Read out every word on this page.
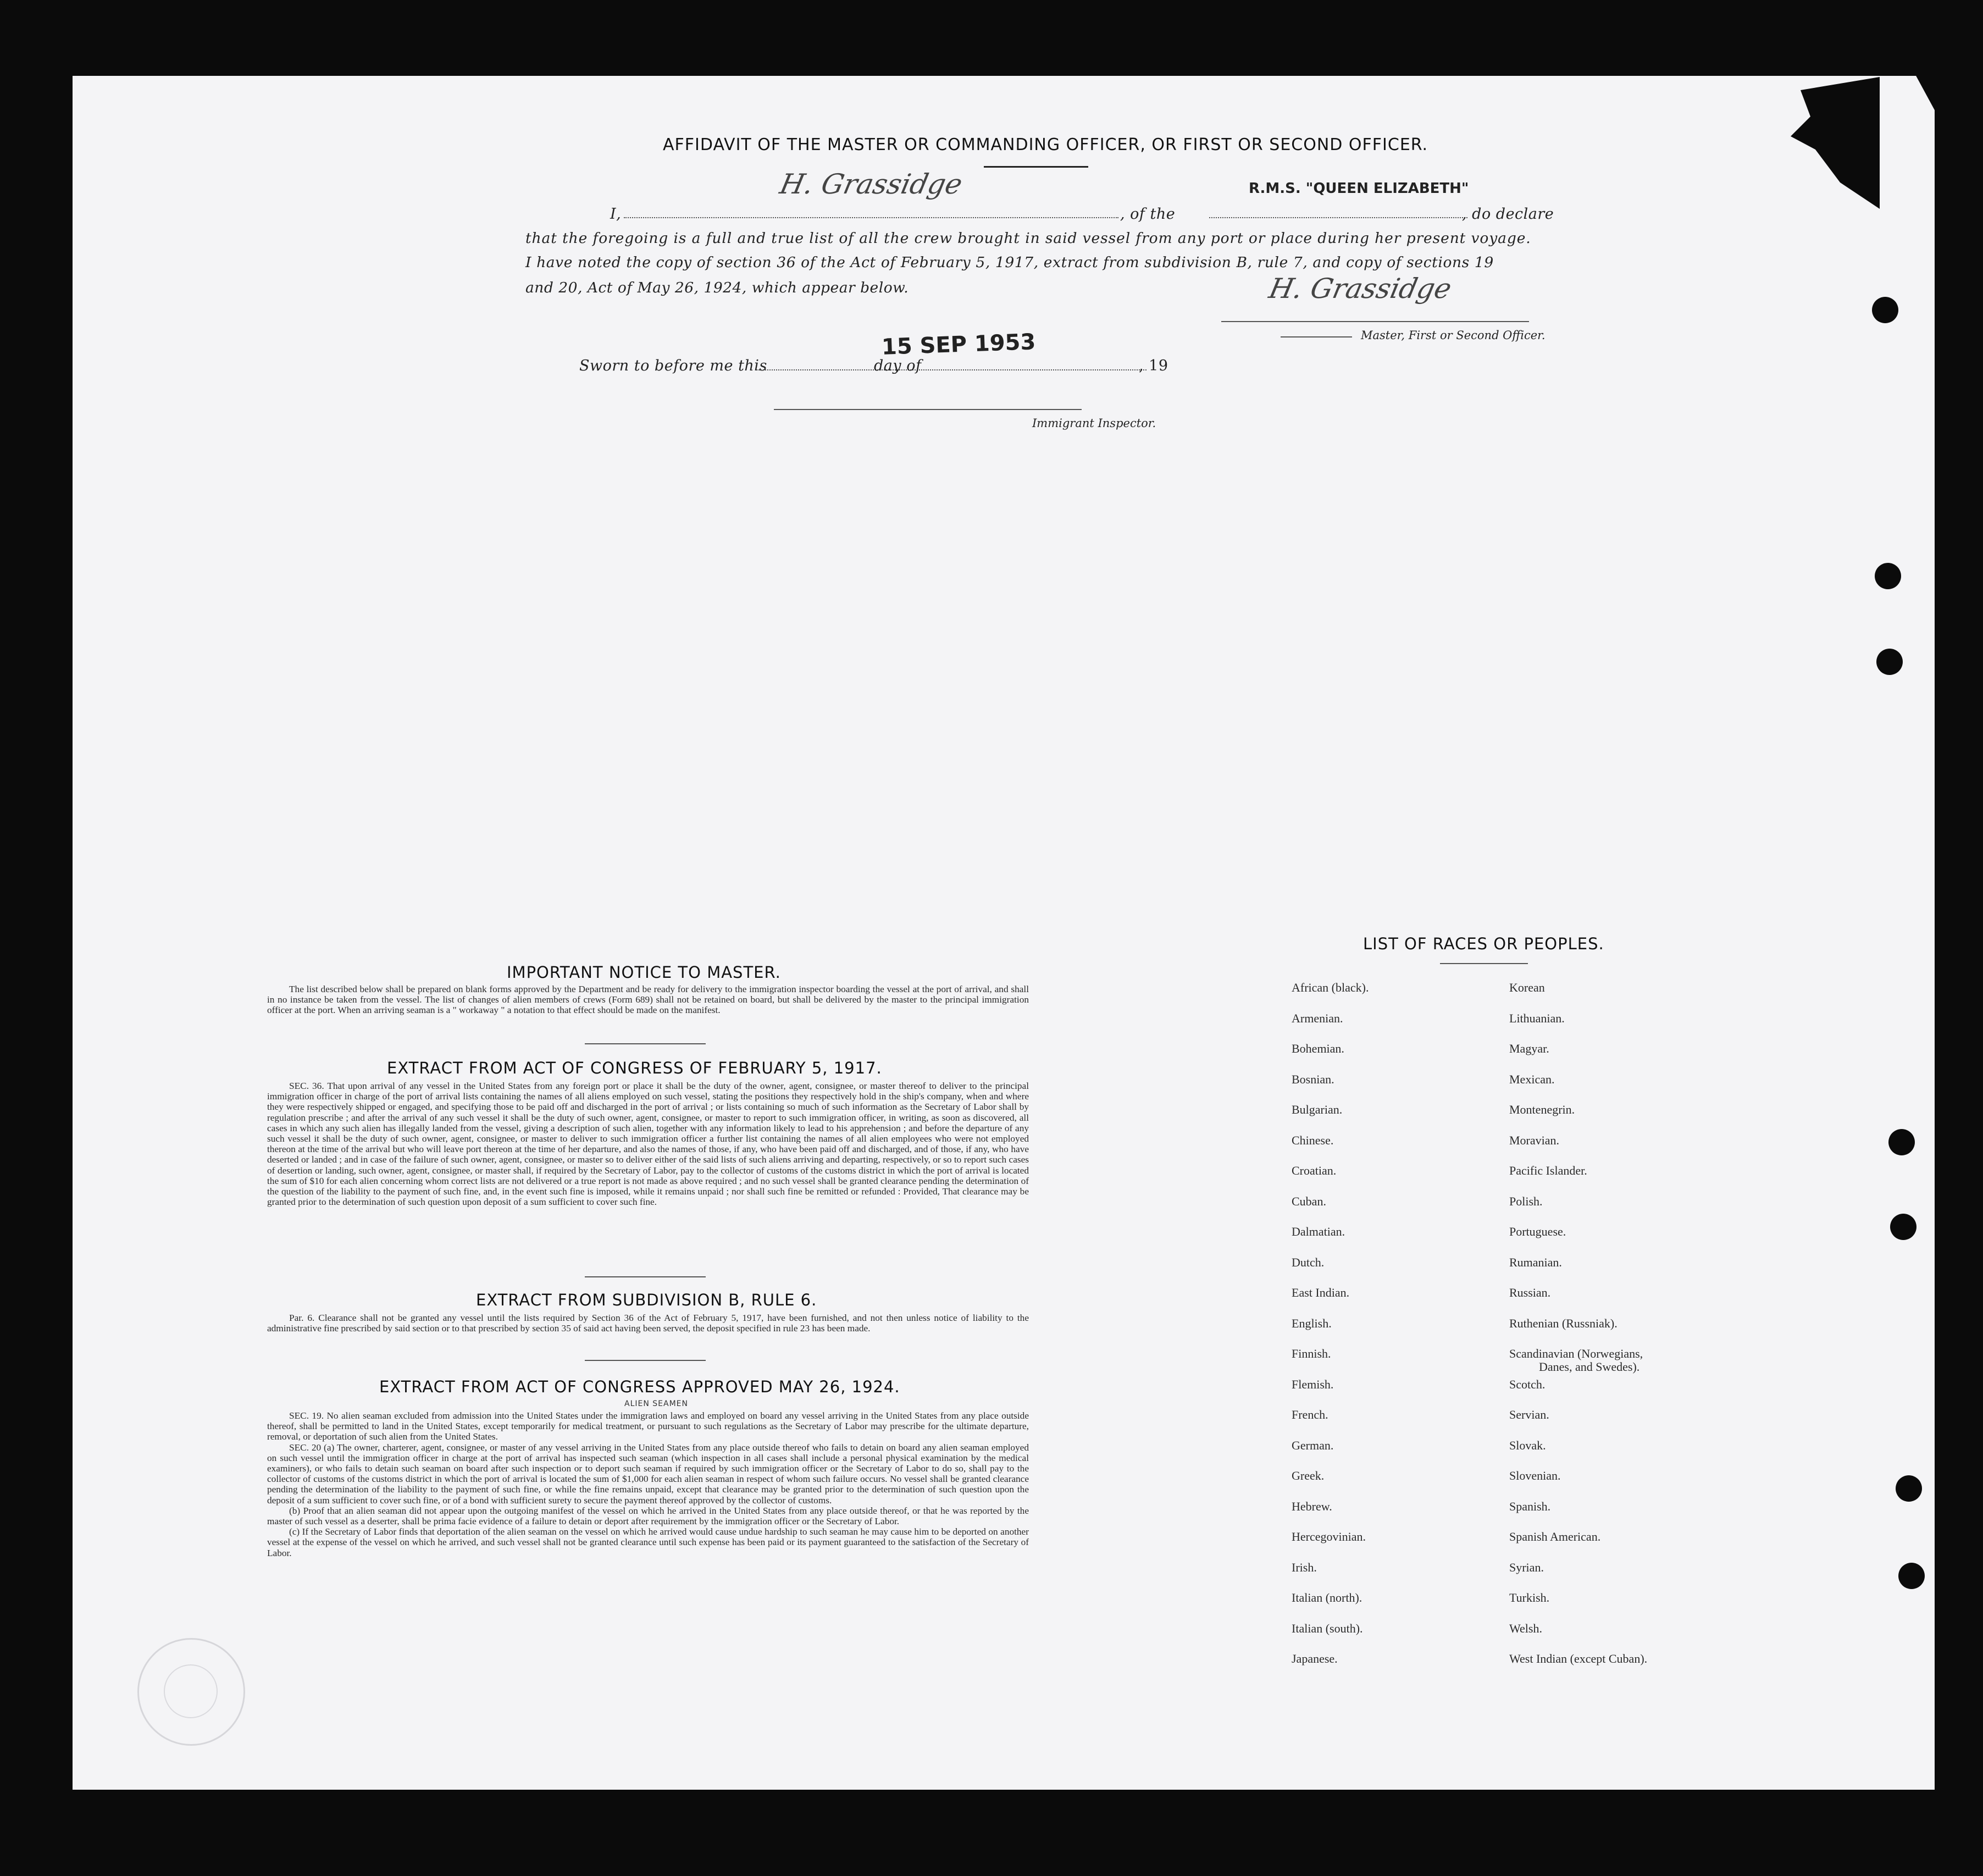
AFFIDAVIT OF THE MASTER OR COMMANDING OFFICER, OR FIRST OR SECOND OFFICER.
I,
H. Grassidge
, of the
R.M.S. "QUEEN ELIZABETH"
, do declare
that the foregoing is a full and true list of all the crew brought in said vessel from any port or place during her present voyage.
I have noted the copy of section 36 of the Act of February 5, 1917, extract from subdivision B, rule 7, and copy of sections 19
and 20, Act of May 26, 1924, which appear below.	H. Grassidge
Master, First or Second Officer.
Sworn to before me this
15 SEP 1953
day of	, 19
Immigrant Inspector.
IMPORTANT NOTICE TO MASTER.

The list described below shall be prepared on blank forms approved by the Department and be ready for delivery to the immigration inspector boarding the vessel at the port of arrival, and shall in no instance be taken from the vessel. The list of changes of alien members of crews (Form 689) shall not be retained on board, but shall be delivered by the master to the principal immigration officer at the port. When an arriving seaman is a " workaway " a notation to that effect should be made on the manifest.

EXTRACT FROM ACT OF CONGRESS OF FEBRUARY 5, 1917.

SEC. 36. That upon arrival of any vessel in the United States from any foreign port or place it shall be the duty of the owner, agent, consignee, or master thereof to deliver to the principal immigration officer in charge of the port of arrival lists containing the names of all aliens employed on such vessel, stating the positions they respectively hold in the ship's company, when and where they were respectively shipped or engaged, and specifying those to be paid off and discharged in the port of arrival ; or lists containing so much of such information as the Secretary of Labor shall by regulation prescribe ; and after the arrival of any such vessel it shall be the duty of such owner, agent, consignee, or master to report to such immigration officer, in writing, as soon as discovered, all cases in which any such alien has illegally landed from the vessel, giving a description of such alien, together with any information likely to lead to his apprehension ; and before the departure of any such vessel it shall be the duty of such owner, agent, consignee, or master to deliver to such immigration officer a further list containing the names of all alien employees who were not employed thereon at the time of the arrival but who will leave port thereon at the time of her departure, and also the names of those, if any, who have been paid off and discharged, and of those, if any, who have deserted or landed ; and in case of the failure of such owner, agent, consignee, or master so to deliver either of the said lists of such aliens arriving and departing, respectively, or so to report such cases of desertion or landing, such owner, agent, consignee, or master shall, if required by the Secretary of Labor, pay to the collector of customs of the customs district in which the port of arrival is located the sum of $10 for each alien concerning whom correct lists are not delivered or a true report is not made as above required ; and no such vessel shall be granted clearance pending the determination of the question of the liability to the payment of such fine, and, in the event such fine is imposed, while it remains unpaid ; nor shall such fine be remitted or refunded : Provided, That clearance may be granted prior to the determination of such question upon deposit of a sum sufficient to cover such fine.

EXTRACT FROM SUBDIVISION B, RULE 6.

Par. 6. Clearance shall not be granted any vessel until the lists required by Section 36 of the Act of February 5, 1917, have been furnished, and not then unless notice of liability to the administrative fine prescribed by said section or to that prescribed by section 35 of said act having been served, the deposit specified in rule 23 has been made.

EXTRACT FROM ACT OF CONGRESS APPROVED MAY 26, 1924.
ALIEN SEAMEN

SEC. 19. No alien seaman excluded from admission into the United States under the immigration laws and employed on board any vessel arriving in the United States from any place outside thereof, shall be permitted to land in the United States, except temporarily for medical treatment, or pursuant to such regulations as the Secretary of Labor may prescribe for the ultimate departure, removal, or deportation of such alien from the United States.

SEC. 20 (a) The owner, charterer, agent, consignee, or master of any vessel arriving in the United States from any place outside thereof who fails to detain on board any alien seaman employed on such vessel until the immigration officer in charge at the port of arrival has inspected such seaman (which inspection in all cases shall include a personal physical examination by the medical examiners), or who fails to detain such seaman on board after such inspection or to deport such seaman if required by such immigration officer or the Secretary of Labor to do so, shall pay to the collector of customs of the customs district in which the port of arrival is located the sum of $1,000 for each alien seaman in respect of whom such failure occurs. No vessel shall be granted clearance pending the determination of the liability to the payment of such fine, or while the fine remains unpaid, except that clearance may be granted prior to the determination of such question upon the deposit of a sum sufficient to cover such fine, or of a bond with sufficient surety to secure the payment thereof approved by the collector of customs.

(b) Proof that an alien seaman did not appear upon the outgoing manifest of the vessel on which he arrived in the United States from any place outside thereof, or that he was reported by the master of such vessel as a deserter, shall be prima facie evidence of a failure to detain or deport after requirement by the immigration officer or the Secretary of Labor.

(c) If the Secretary of Labor finds that deportation of the alien seaman on the vessel on which he arrived would cause undue hardship to such seaman he may cause him to be deported on another vessel at the expense of the vessel on which he arrived, and such vessel shall not be granted clearance until such expense has been paid or its payment guaranteed to the satisfaction of the Secretary of Labor.

LIST OF RACES OR PEOPLES.
African (black).
Armenian.
Bohemian.
Bosnian.
Bulgarian.
Chinese.
Croatian.
Cuban.
Dalmatian.
Dutch.
East Indian.
English.
Finnish.
Flemish.
French.
German.
Greek.
Hebrew.
Hercegovinian.
Irish.
Italian (north).
Italian (south).
Japanese.
Korean
Lithuanian.
Magyar.
Mexican.
Montenegrin.
Moravian.
Pacific Islander.
Polish.
Portuguese.
Rumanian.
Russian.
Ruthenian (Russniak).
Scandinavian (Norwegians,
Scotch.
Servian.
Slovak.
Slovenian.
Spanish.
Spanish American.
Syrian.
Turkish.
Welsh.
West Indian (except Cuban).
Danes, and Swedes).
